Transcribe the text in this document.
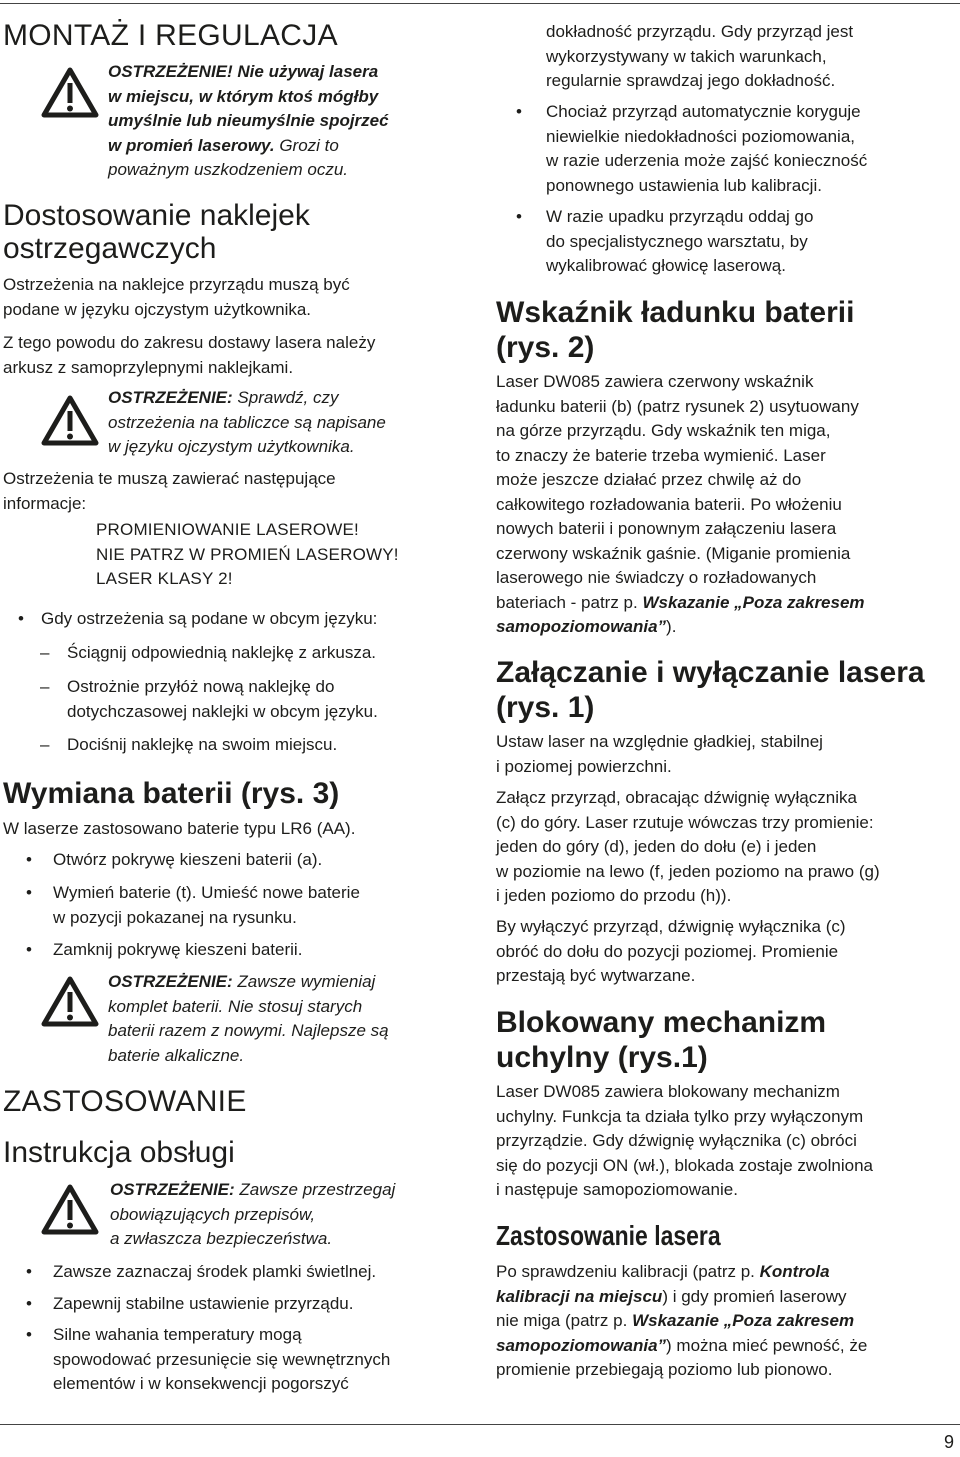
MONTAŻ I REGULACJA
OSTRZEŻENIE! Nie używaj lasera
w miejscu, w którym ktoś mógłby
umyślnie lub nieumyślnie spojrzeć
w promień laserowy. Grozi to
poważnym uszkodzeniem oczu.
Dostosowanie naklejek
ostrzegawczych
Ostrzeżenia na naklejce przyrządu muszą być
podane w języku ojczystym użytkownika.
Z tego powodu do zakresu dostawy lasera należy
arkusz z samoprzylepnymi naklejkami.
OSTRZEŻENIE: Sprawdź, czy
ostrzeżenia na tabliczce są napisane
w języku ojczystym użytkownika.
Ostrzeżenia te muszą zawierać następujące
informacje:
PROMIENIOWANIE LASEROWE!
NIE PATRZ W PROMIEŃ LASEROWY!
LASER KLASY 2!
• Gdy ostrzeżenia są podane w obcym języku:
– Ściągnij odpowiednią naklejkę z arkusza.
– Ostrożnie przyłóż nową naklejkę do
dotychczasowej naklejki w obcym języku.
– Dociśnij naklejkę na swoim miejscu.
Wymiana baterii (rys. 3)
W laserze zastosowano baterie typu LR6 (AA).
• Otwórz pokrywę kieszeni baterii (a).
• Wymień baterie (t). Umieść nowe baterie
w pozycji pokazanej na rysunku.
• Zamknij pokrywę kieszeni baterii.
OSTRZEŻENIE: Zawsze wymieniaj
komplet baterii. Nie stosuj starych
baterii razem z nowymi. Najlepsze są
baterie alkaliczne.
ZASTOSOWANIE
Instrukcja obsługi
OSTRZEŻENIE: Zawsze przestrzegaj
obowiązujących przepisów,
a zwłaszcza bezpieczeństwa.
• Zawsze zaznaczaj środek plamki świetlnej.
• Zapewnij stabilne ustawienie przyrządu.
• Silne wahania temperatury mogą
spowodować przesunięcie się wewnętrznych
elementów i w konsekwencji pogorszyć
dokładność przyrządu. Gdy przyrząd jest
wykorzystywany w takich warunkach,
regularnie sprawdzaj jego dokładność.
• Chociaż przyrząd automatycznie koryguje
niewielkie niedokładności poziomowania,
w razie uderzenia może zajść konieczność
ponownego ustawienia lub kalibracji.
• W razie upadku przyrządu oddaj go
do specjalistycznego warsztatu, by
wykalibrować głowicę laserową.
Wskaźnik ładunku baterii
(rys. 2)
Laser DW085 zawiera czerwony wskaźnik
ładunku baterii (b) (patrz rysunek 2) usytuowany
na górze przyrządu. Gdy wskaźnik ten miga,
to znaczy że baterie trzeba wymienić. Laser
może jeszcze działać przez chwilę aż do
całkowitego rozładowania baterii. Po włożeniu
nowych baterii i ponownym załączeniu lasera
czerwony wskaźnik gaśnie. (Miganie promienia
laserowego nie świadczy o rozładowanych
bateriach - patrz p. Wskazanie „Poza zakresem
samopoziomowania”).
Załączanie i wyłączanie lasera
(rys. 1)
Ustaw laser na względnie gładkiej, stabilnej
i poziomej powierzchni.
Załącz przyrząd, obracając dźwignię wyłącznika
(c) do góry. Laser rzutuje wówczas trzy promienie:
jeden do góry (d), jeden do dołu (e) i jeden
w poziomie na lewo (f, jeden poziomo na prawo (g)
i jeden poziomo do przodu (h)).
By wyłączyć przyrząd, dźwignię wyłącznika (c)
obróć do dołu do pozycji poziomej. Promienie
przestają być wytwarzane.
Blokowany mechanizm
uchylny (rys.1)
Laser DW085 zawiera blokowany mechanizm
uchylny. Funkcja ta działa tylko przy wyłączonym
przyrządzie. Gdy dźwignię wyłącznika (c) obróci
się do pozycji ON (wł.), blokada zostaje zwolniona
i następuje samopoziomowanie.
Zastosowanie lasera
Po sprawdzeniu kalibracji (patrz p. Kontrola
kalibracji na miejscu) i gdy promień laserowy
nie miga (patrz p. Wskazanie „Poza zakresem
samopoziomowania”) można mieć pewność, że
promienie przebiegają poziomo lub pionowo.
9
